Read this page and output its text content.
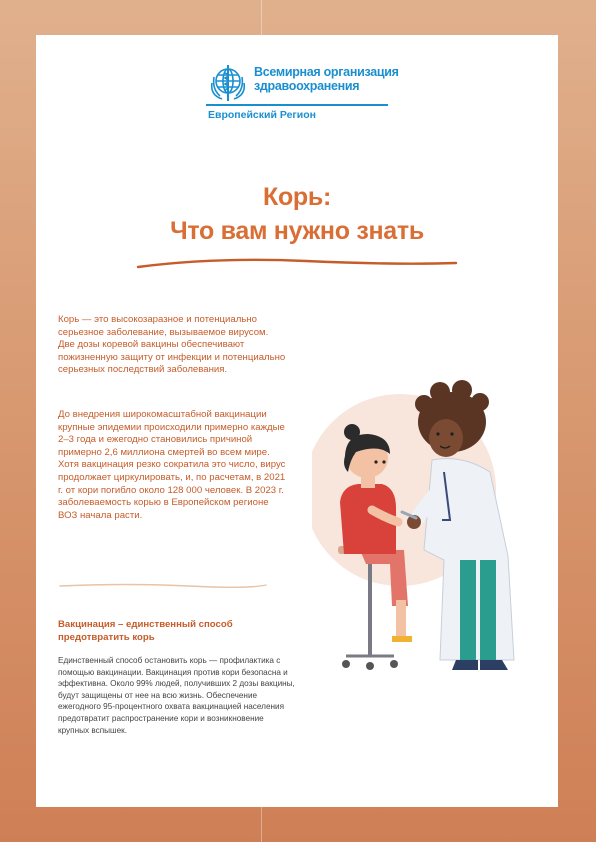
Всемирная организация
здравоохранения
Европейский Регион
Корь:
Что вам нужно знать

Корь — это высокозаразное и потенциально серьезное заболевание, вызываемое вирусом. Две дозы коревой вакцины обеспечивают пожизненную защиту от инфекции и потенциально серьезных последствий заболевания.

До внедрения широкомасштабной вакцинации крупные эпидемии происходили примерно каждые 2–3 года и ежегодно становились причиной примерно 2,6 миллиона смертей во всем мире. Хотя вакцинация резко сократила это число, вирус продолжает циркулировать, и, по расчетам, в 2021 г. от кори погибло около 128 000 человек. В 2023 г. заболеваемость корью в Европейском регионе ВОЗ начала расти.

Вакцинация – единственный способ предотвратить корь

Единственный способ остановить корь — профилактика с помощью вакцинации. Вакцинация против кори безопасна и эффективна. Около 99% людей, получивших 2 дозы вакцины, будут защищены от нее на всю жизнь. Обеспечение ежегодного 95-процентного охвата вакцинацией населения предотвратит распространение кори и возникновение крупных вспышек.
